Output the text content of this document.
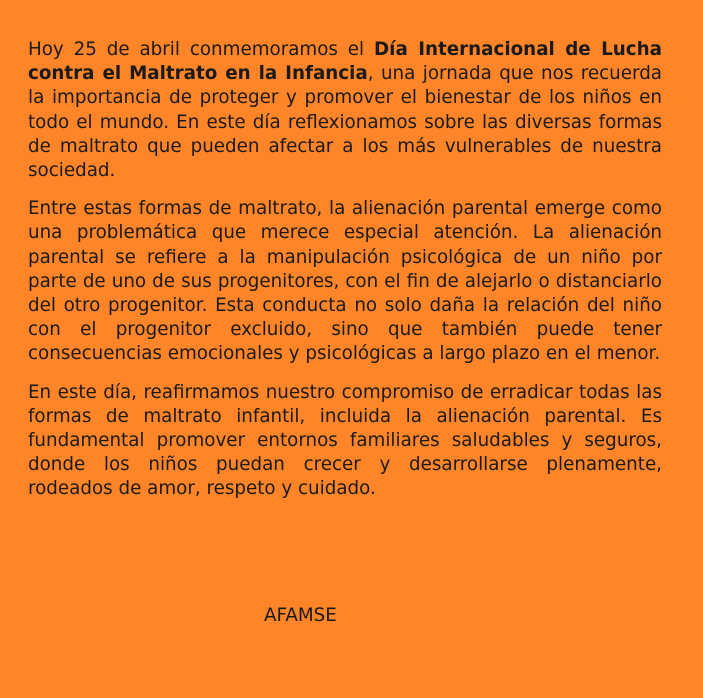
Hoy 25 de abril conmemoramos el Día Internacional de Lucha contra el Maltrato en la Infancia, una jornada que nos recuerda la importancia de proteger y promover el bienestar de los niños en todo el mundo. En este día reflexionamos sobre las diversas formas de maltrato que pueden afectar a los más vulnerables de nuestra sociedad.

Entre estas formas de maltrato, la alienación parental emerge como una problemática que merece especial atención. La alienación parental se refiere a la manipulación psicológica de un niño por parte de uno de sus progenitores, con el fin de alejarlo o distanciarlo del otro progenitor. Esta conducta no solo daña la relación del niño con el progenitor excluido, sino que también puede tener consecuencias emocionales y psicológicas a largo plazo en el menor.

En este día, reafirmamos nuestro compromiso de erradicar todas las formas de maltrato infantil, incluida la alienación parental. Es fundamental promover entornos familiares saludables y seguros, donde los niños puedan crecer y desarrollarse plenamente, rodeados de amor, respeto y cuidado.

AFAMSE
